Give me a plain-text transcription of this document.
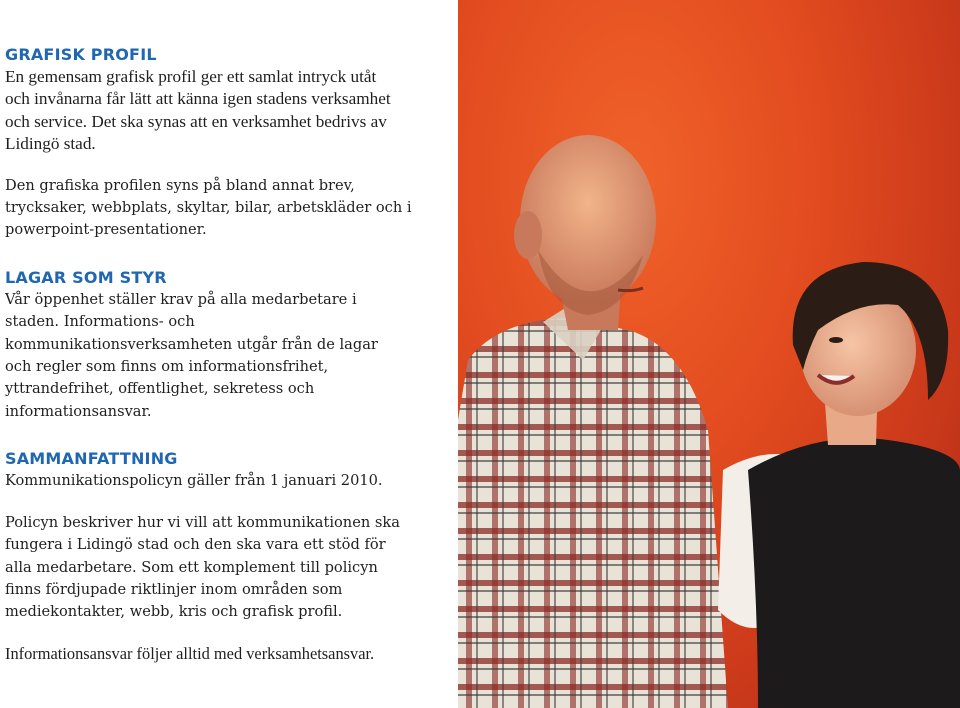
GRAFISK PROFIL

En gemensam grafisk profil ger ett samlat intryck utåt och invånarna får lätt att känna igen stadens verksamhet och service. Det ska synas att en verksamhet bedrivs av Lidingö stad.

Den grafiska profilen syns på bland annat brev, trycksaker, webbplats, skyltar, bilar, arbetskläder och i powerpoint-presentationer.

LAGAR SOM STYR

Vår öppenhet ställer krav på alla medarbetare i staden. Informations- och kommunikationsverksamheten utgår från de lagar och regler som finns om informationsfrihet, yttrandefrihet, offentlighet, sekretess och informationsansvar.

SAMMANFATTNING

Kommunikationspolicyn gäller från 1 januari 2010.

Policyn beskriver hur vi vill att kommunikationen ska fungera i Lidingö stad och den ska vara ett stöd för alla medarbetare. Som ett komplement till policyn finns fördjupade riktlinjer inom områden som mediekontakter, webb, kris och grafisk profil.

Informationsansvar följer alltid med verksamhetsansvar.
